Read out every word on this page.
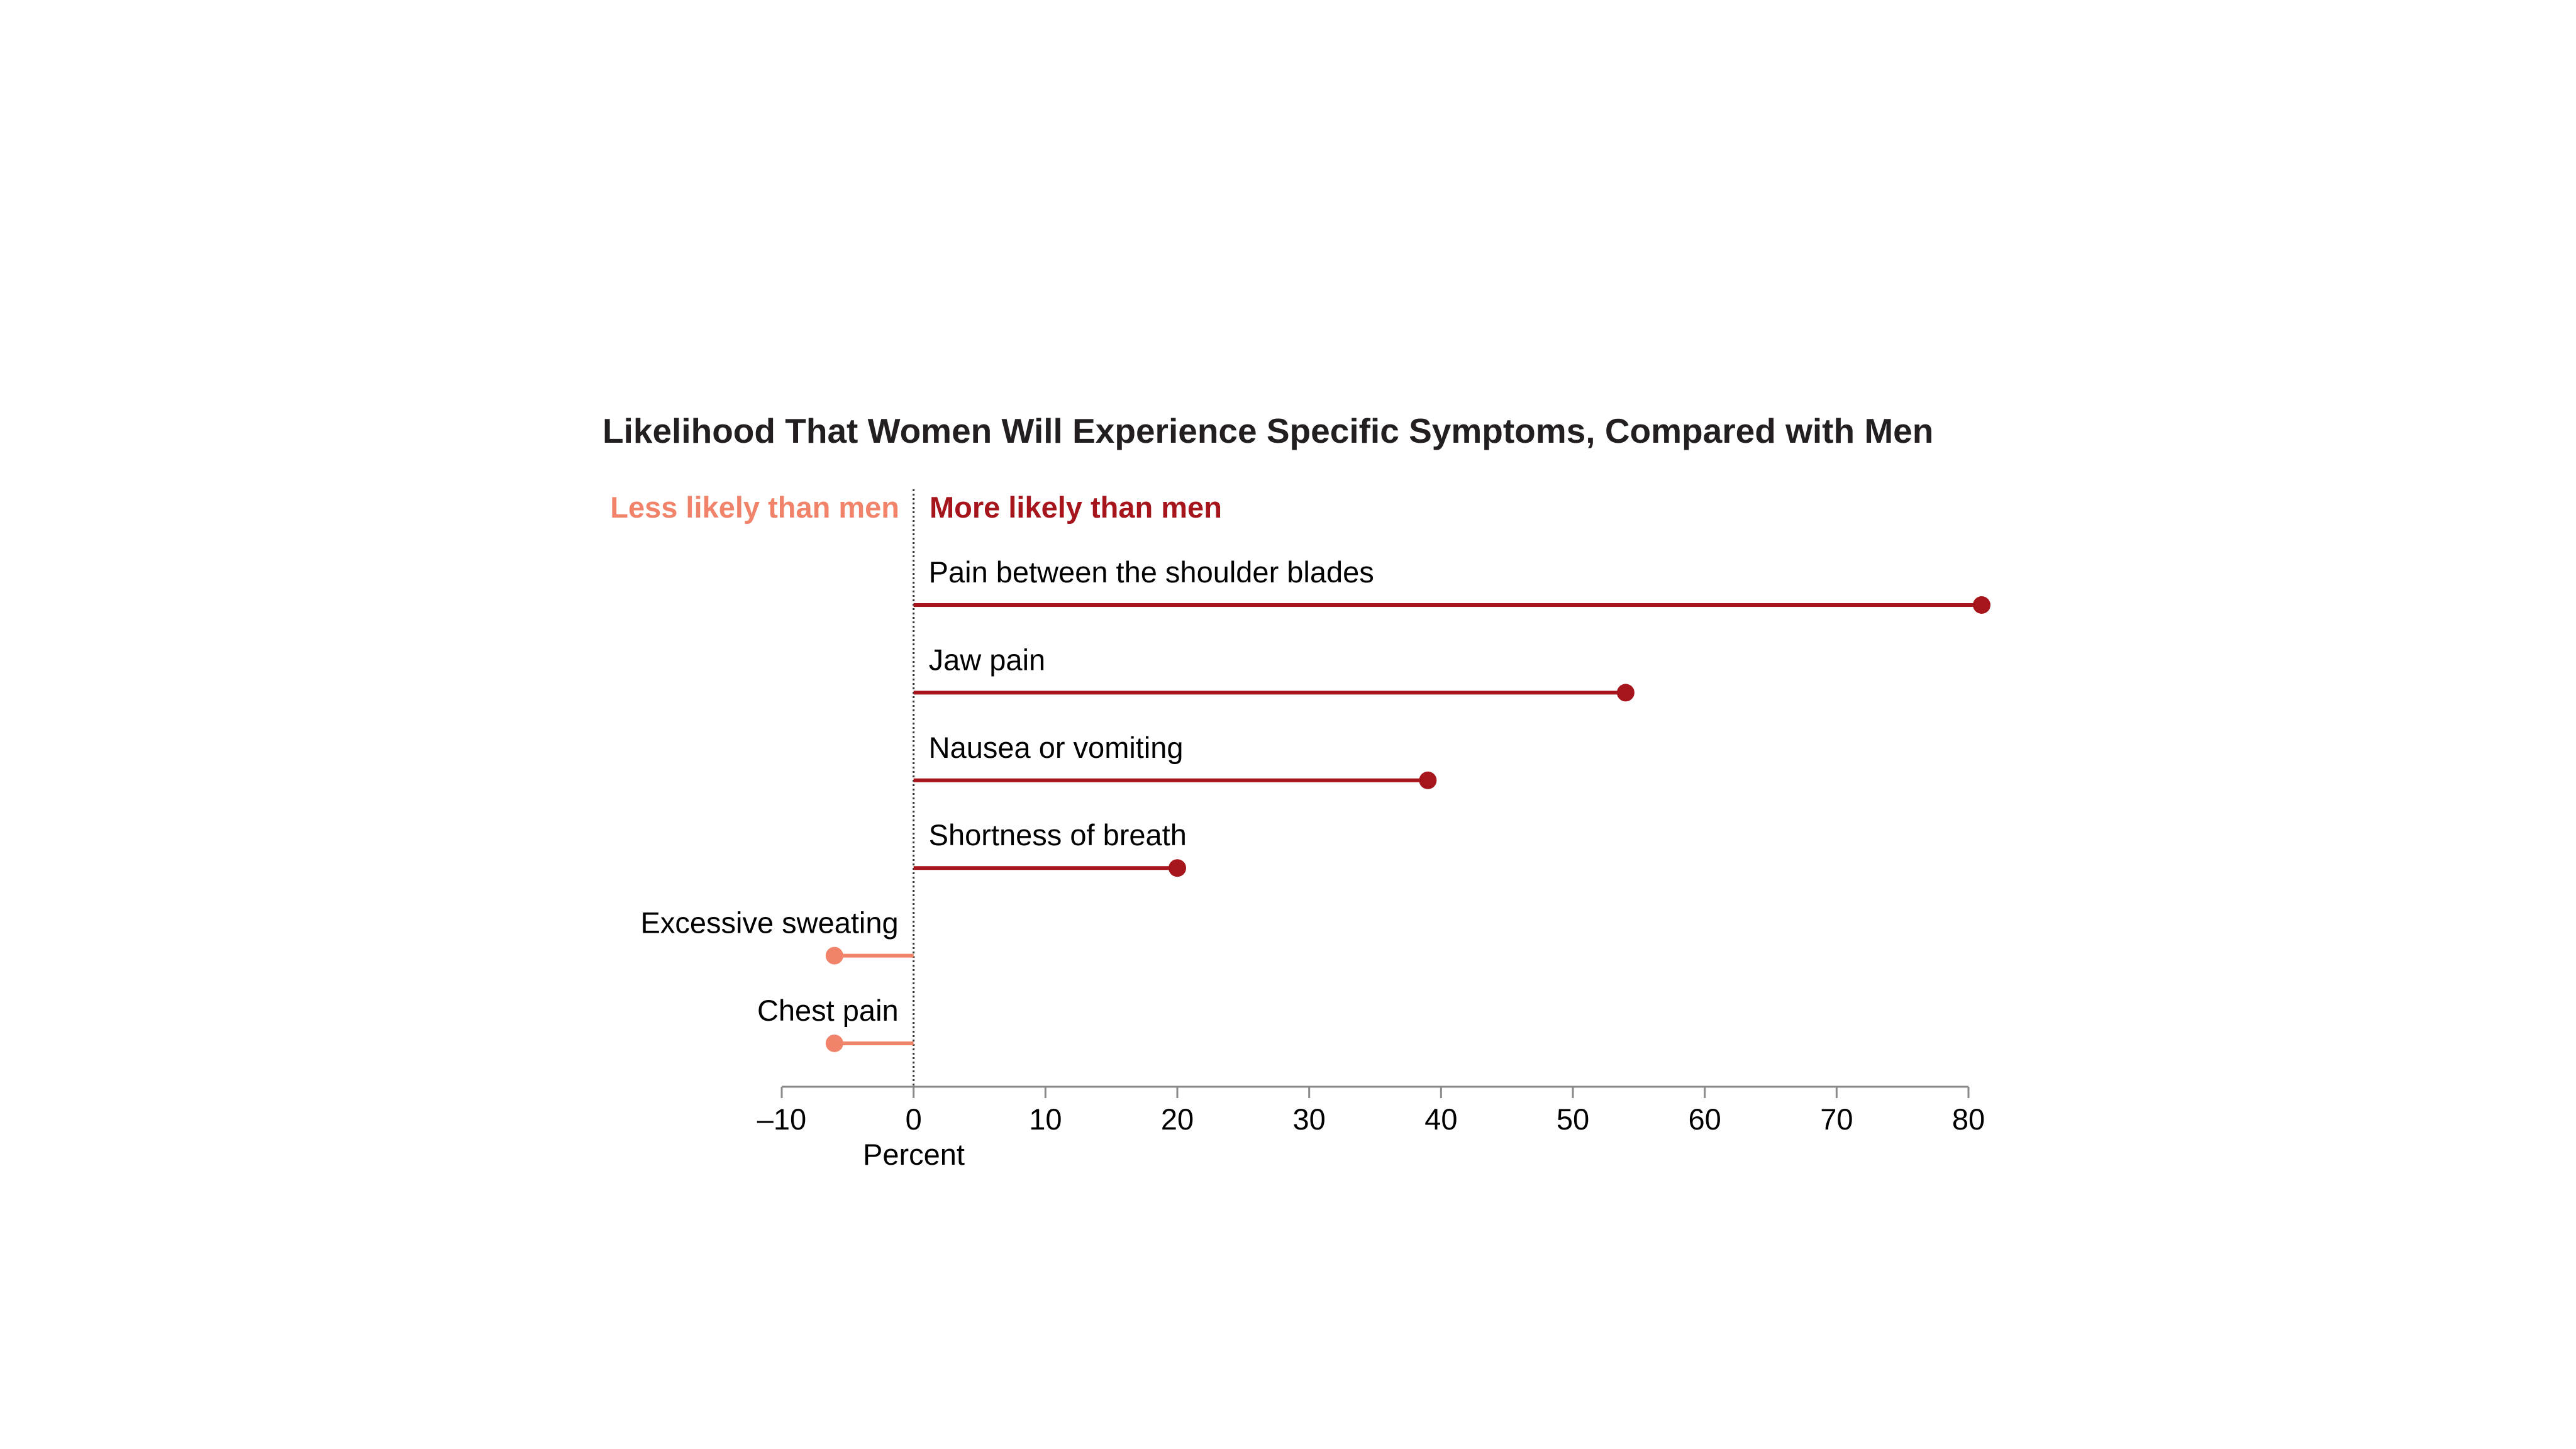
Likelihood That Women Will Experience Specific Symptoms, Compared with Men
Less likely than men More likely than men
Pain between the shoulder blades
Jaw pain
Nausea or vomiting
Shortness of breath
Excessive sweating
Chest pain
–10	0	10	20	30	40	50	60	70	80
Percent
